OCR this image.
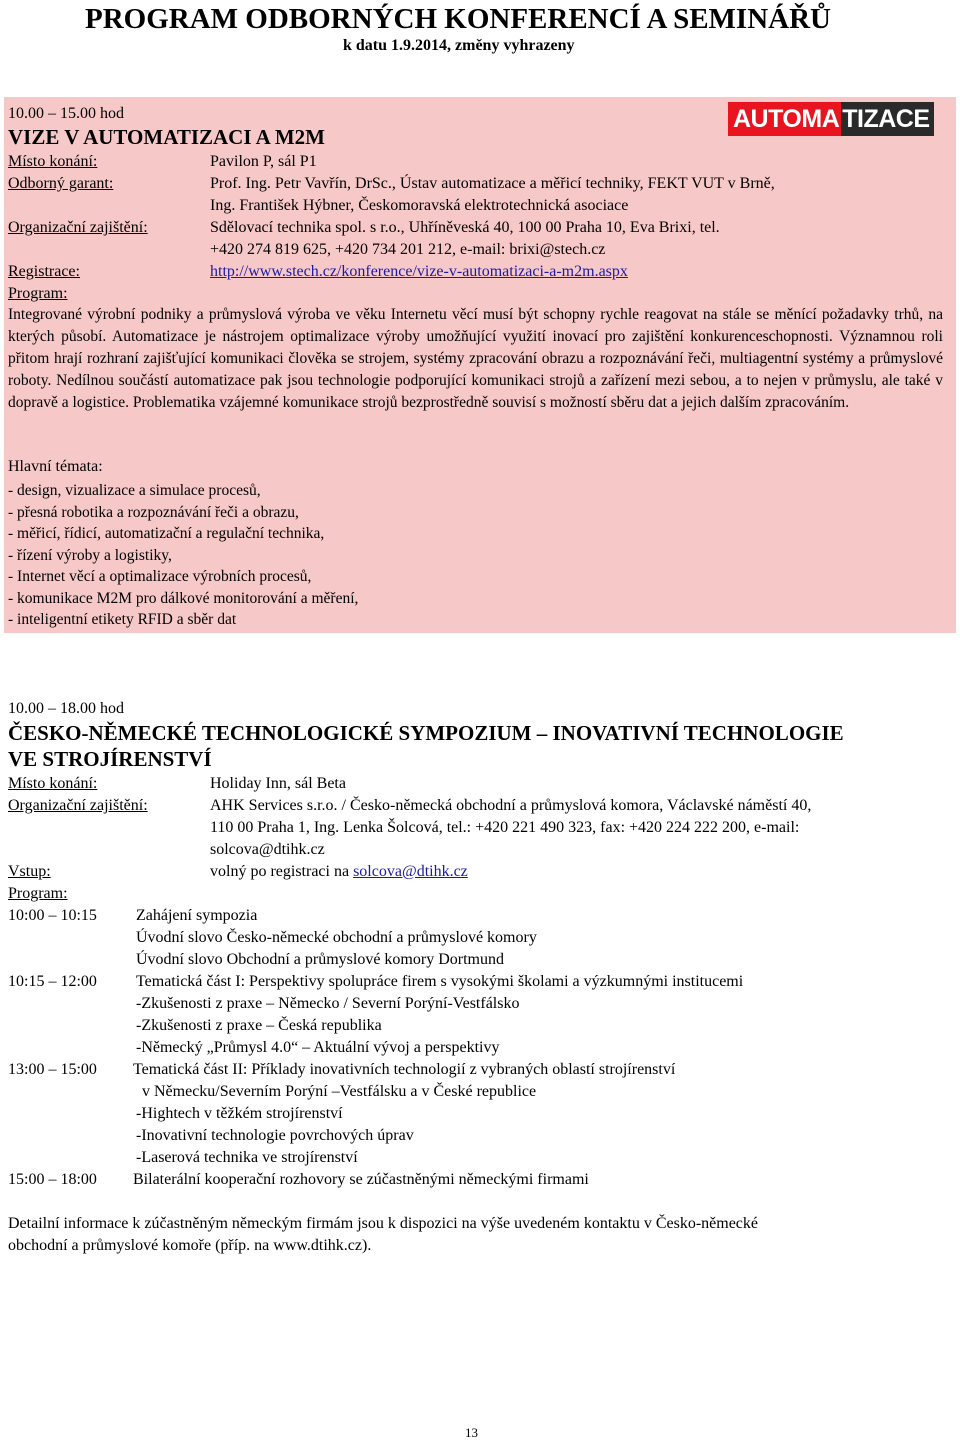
PROGRAM ODBORNÝCH KONFERENCÍ A SEMINÁŘŮ
k datu 1.9.2014, změny vyhrazeny
AUTOMA TIZACE
10.00 – 15.00 hod
VIZE V AUTOMATIZACI A M2M
Místo konání:	Pavilon P, sál P1
Odborný garant:	Prof. Ing. Petr Vavřín, DrSc., Ústav automatizace a měřicí techniky, FEKT VUT v Brně,
Ing. František Hýbner, Českomoravská elektrotechnická asociace
Organizační zajištění:	Sdělovací technika spol. s r.o., Uhříněveská 40, 100 00 Praha 10, Eva Brixi, tel.
+420 274 819 625, +420 734 201 212, e-mail: brixi@stech.cz
Registrace:	http://www.stech.cz/konference/vize-v-automatizaci-a-m2m.aspx
Program:
Integrované výrobní podniky a průmyslová výroba ve věku Internetu věcí musí být schopny rychle reagovat na stále se měnící požadavky trhů, na kterých působí. Automatizace je nástrojem optimalizace výroby umožňující využití inovací pro zajištění konkurenceschopnosti. Významnou roli přitom hrají rozhraní zajišťující komunikaci člověka se strojem, systémy zpracování obrazu a rozpoznávání řeči, multiagentní systémy a průmyslové roboty. Nedílnou součástí automatizace pak jsou technologie podporující komunikaci strojů a zařízení mezi sebou, a to nejen v průmyslu, ale také v dopravě a logistice. Problematika vzájemné komunikace strojů bezprostředně souvisí s možností sběru dat a jejich dalším zpracováním.
Hlavní témata:
- design, vizualizace a simulace procesů,
- přesná robotika a rozpoznávání řeči a obrazu,
- měřicí, řídicí, automatizační a regulační technika,
- řízení výroby a logistiky,
- Internet věcí a optimalizace výrobních procesů,
- komunikace M2M pro dálkové monitorování a měření,
- inteligentní etikety RFID a sběr dat
10.00 – 18.00 hod
ČESKO-NĚMECKÉ TECHNOLOGICKÉ SYMPOZIUM – INOVATIVNÍ TECHNOLOGIE
VE STROJÍRENSTVÍ
Místo konání:	Holiday Inn, sál Beta
Organizační zajištění:	AHK Services s.r.o. / Česko-německá obchodní a průmyslová komora, Václavské náměstí 40,
110 00 Praha 1, Ing. Lenka Šolcová, tel.: +420 221 490 323, fax: +420 224 222 200, e-mail:
solcova@dtihk.cz
Vstup:	volný po registraci na solcova@dtihk.cz
Program:
10:00 – 10:15 Zahájení sympozia
Úvodní slovo Česko-německé obchodní a průmyslové komory
Úvodní slovo Obchodní a průmyslové komory Dortmund
10:15 – 12:00 Tematická část I: Perspektivy spolupráce firem s vysokými školami a výzkumnými institucemi
-Zkušenosti z praxe – Německo / Severní Porýní-Vestfálsko
-Zkušenosti z praxe – Česká republika
-Německý „Průmysl 4.0“ – Aktuální vývoj a perspektivy
13:00 – 15:00 Tematická část II: Příklady inovativních technologií z vybraných oblastí strojírenství
v Německu/Severním Porýní –Vestfálsku a v České republice
-Hightech v těžkém strojírenství
-Inovativní technologie povrchových úprav
-Laserová technika ve strojírenství
15:00 – 18:00 Bilaterální kooperační rozhovory se zúčastněnými německými firmami
Detailní informace k zúčastněným německým firmám jsou k dispozici na výše uvedeném kontaktu v Česko-německé
obchodní a průmyslové komoře (příp. na www.dtihk.cz).
13
